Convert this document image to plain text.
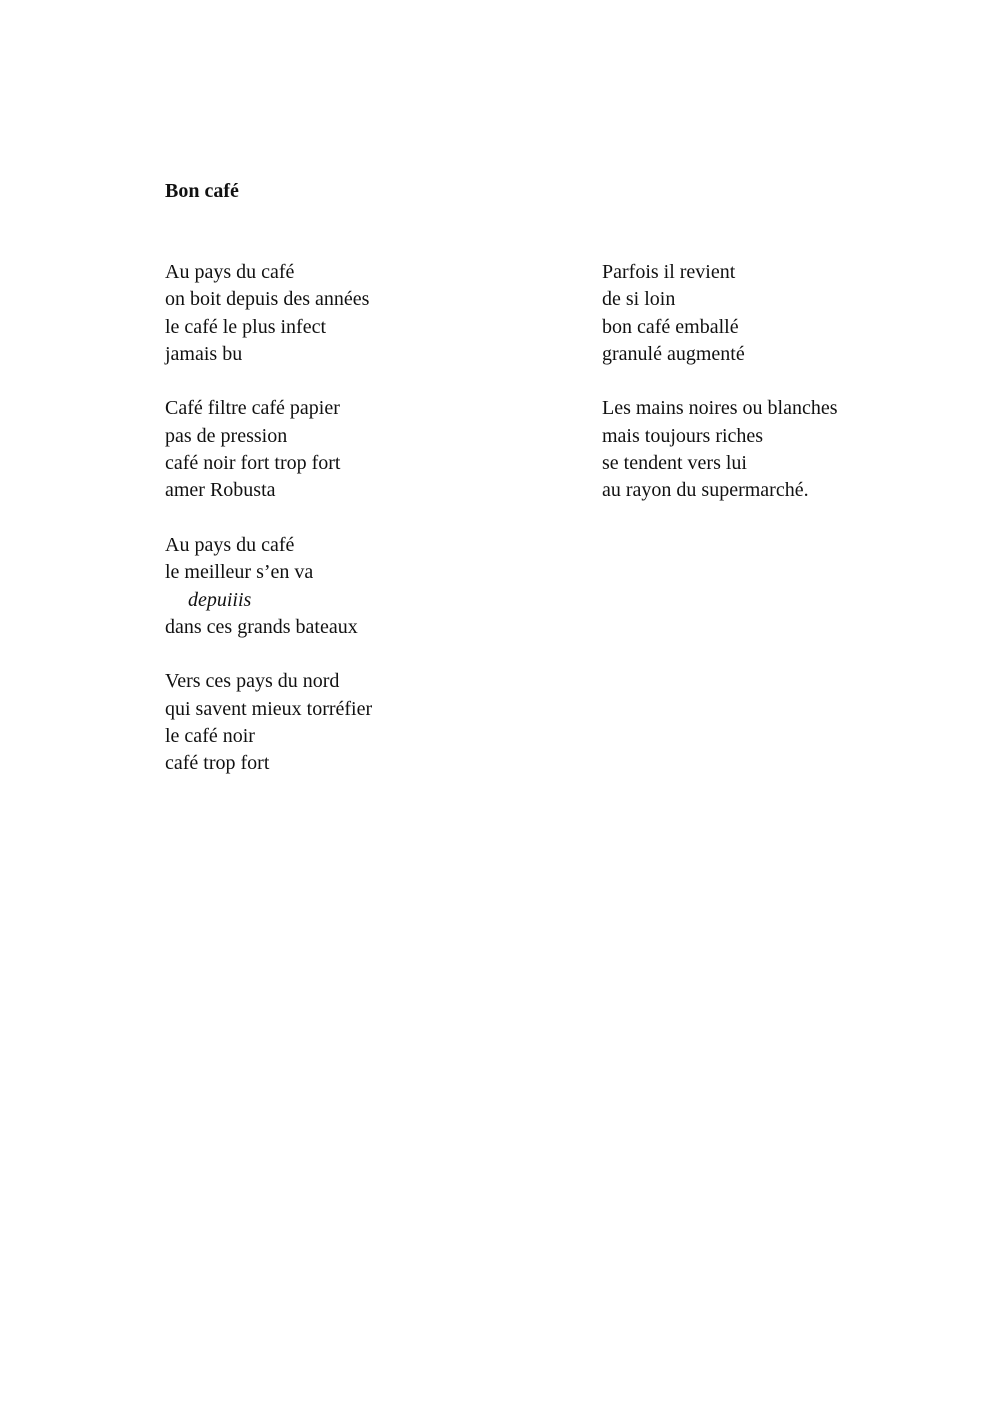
Bon café
Au pays du café
on boit depuis des années
le café le plus infect
jamais bu
Café filtre café papier
pas de pression
café noir fort trop fort
amer Robusta
Au pays du café
le meilleur s’en va
depuiiis
dans ces grands bateaux
Vers ces pays du nord
qui savent mieux torréfier
le café noir
café trop fort
Parfois il revient
de si loin
bon café emballé
granulé augmenté
Les mains noires ou blanches
mais toujours riches
se tendent vers lui
au rayon du supermarché.
